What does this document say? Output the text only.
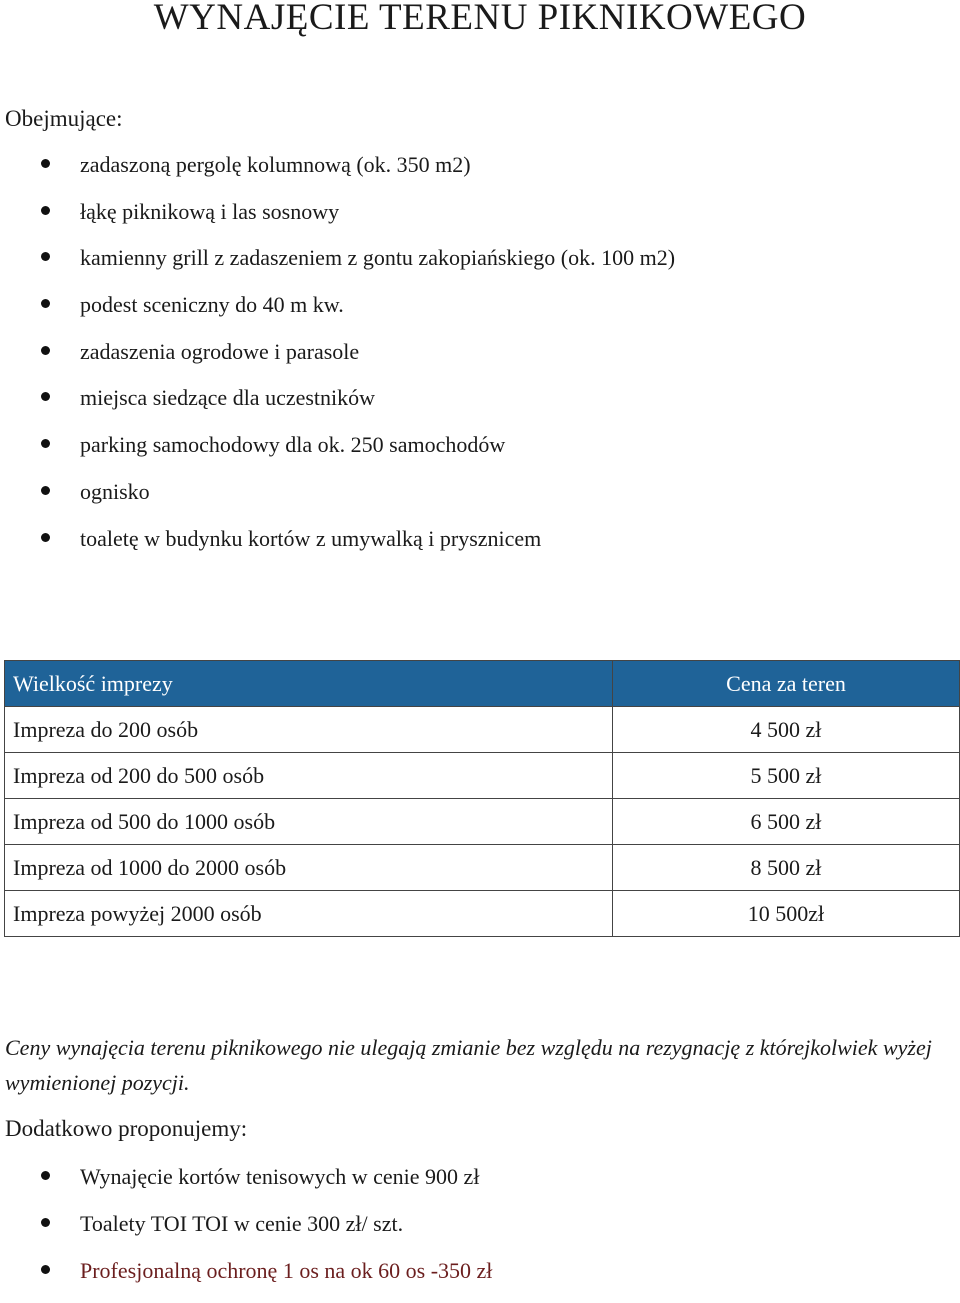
WYNAJĘCIE TERENU PIKNIKOWEGO
Obejmujące:
zadaszoną pergolę kolumnową (ok. 350 m2)
łąkę piknikową i las sosnowy
kamienny grill z zadaszeniem z gontu zakopiańskiego (ok. 100 m2)
podest sceniczny do 40 m kw.
zadaszenia ogrodowe i parasole
miejsca siedzące dla uczestników
parking samochodowy dla ok. 250 samochodów
ognisko
toaletę w budynku kortów z umywalką i prysznicem
Wielkość imprezy	Cena za teren
Impreza do 200 osób	4 500 zł
Impreza od 200 do 500 osób	5 500 zł
Impreza od 500 do 1000 osób	6 500 zł
Impreza od 1000 do 2000 osób	8 500 zł
Impreza powyżej 2000 osób	10 500zł
Ceny wynajęcia terenu piknikowego nie ulegają zmianie bez względu na rezygnację z którejkolwiek wyżej wymienionej pozycji.
Dodatkowo proponujemy:
Wynajęcie kortów tenisowych w cenie 900 zł
Toalety TOI TOI w cenie 300 zł/ szt.
Profesjonalną ochronę 1 os na ok 60 os -350 zł
